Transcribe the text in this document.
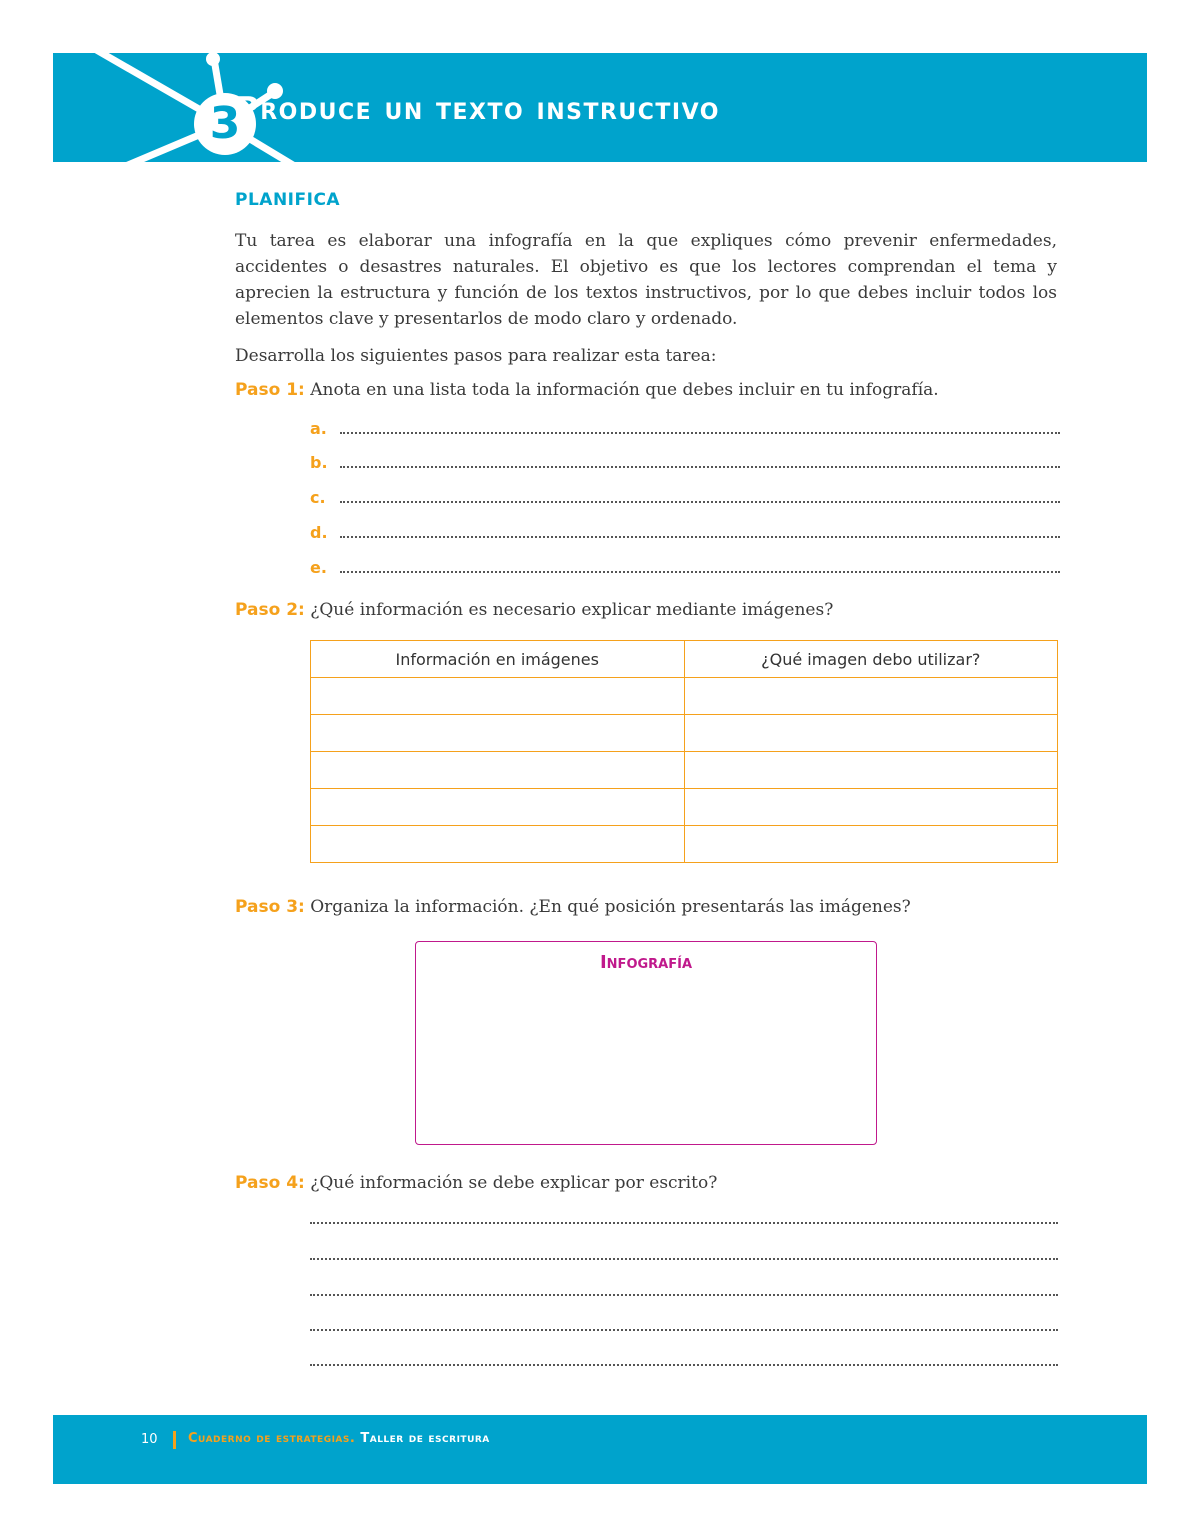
3
Produce un texto instructivo
PLANIFICA

Tu tarea es elaborar una infografía en la que expliques cómo prevenir enfermedades, accidentes o desastres naturales. El objetivo es que los lectores comprendan el tema y aprecien la estructura y función de los textos instructivos, por lo que debes incluir todos los elementos clave y presentarlos de modo claro y ordenado.

Desarrolla los siguientes pasos para realizar esta tarea:
Paso 1: Anota en una lista toda la información que debes incluir en tu infografía.
a.
b.
c.
d.
e.
Paso 2: ¿Qué información es necesario explicar mediante imágenes?
Información en imágenes	¿Qué imagen debo utilizar?

Paso 3: Organiza la información. ¿En qué posición presentarás las imágenes?
Infografía
Paso 4: ¿Qué información se debe explicar por escrito?
10 Cuaderno de estrategias. Taller de escritura
